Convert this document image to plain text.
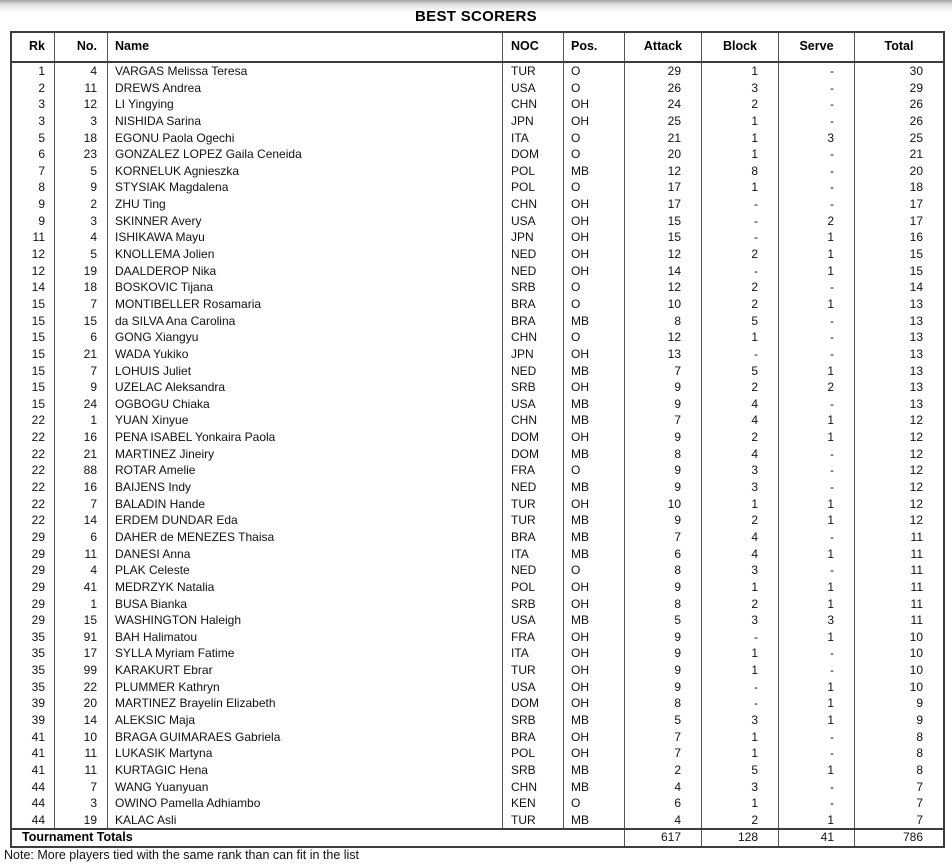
BEST SCORERS
Rk	No.	Name	NOC	Pos.	Attack	Block	Serve	Total
1	4	VARGAS Melissa Teresa	TUR	O	29	1	-	30
2	11	DREWS Andrea	USA	O	26	3	-	29
3	12	LI Yingying	CHN	OH	24	2	-	26
3	3	NISHIDA Sarina	JPN	OH	25	1	-	26
5	18	EGONU Paola Ogechi	ITA	O	21	1	3	25
6	23	GONZALEZ LOPEZ Gaila Ceneida	DOM	O	20	1	-	21
7	5	KORNELUK Agnieszka	POL	MB	12	8	-	20
8	9	STYSIAK Magdalena	POL	O	17	1	-	18
9	2	ZHU Ting	CHN	OH	17	-	-	17
9	3	SKINNER Avery	USA	OH	15	-	2	17
11	4	ISHIKAWA Mayu	JPN	OH	15	-	1	16
12	5	KNOLLEMA Jolien	NED	OH	12	2	1	15
12	19	DAALDEROP Nika	NED	OH	14	-	1	15
14	18	BOSKOVIC Tijana	SRB	O	12	2	-	14
15	7	MONTIBELLER Rosamaria	BRA	O	10	2	1	13
15	15	da SILVA Ana Carolina	BRA	MB	8	5	-	13
15	6	GONG Xiangyu	CHN	O	12	1	-	13
15	21	WADA Yukiko	JPN	OH	13	-	-	13
15	7	LOHUIS Juliet	NED	MB	7	5	1	13
15	9	UZELAC Aleksandra	SRB	OH	9	2	2	13
15	24	OGBOGU Chiaka	USA	MB	9	4	-	13
22	1	YUAN Xinyue	CHN	MB	7	4	1	12
22	16	PENA ISABEL Yonkaira Paola	DOM	OH	9	2	1	12
22	21	MARTINEZ Jineiry	DOM	MB	8	4	-	12
22	88	ROTAR Amelie	FRA	O	9	3	-	12
22	16	BAIJENS Indy	NED	MB	9	3	-	12
22	7	BALADIN Hande	TUR	OH	10	1	1	12
22	14	ERDEM DUNDAR Eda	TUR	MB	9	2	1	12
29	6	DAHER de MENEZES Thaisa	BRA	MB	7	4	-	11
29	11	DANESI Anna	ITA	MB	6	4	1	11
29	4	PLAK Celeste	NED	O	8	3	-	11
29	41	MEDRZYK Natalia	POL	OH	9	1	1	11
29	1	BUSA Bianka	SRB	OH	8	2	1	11
29	15	WASHINGTON Haleigh	USA	MB	5	3	3	11
35	91	BAH Halimatou	FRA	OH	9	-	1	10
35	17	SYLLA Myriam Fatime	ITA	OH	9	1	-	10
35	99	KARAKURT Ebrar	TUR	OH	9	1	-	10
35	22	PLUMMER Kathryn	USA	OH	9	-	1	10
39	20	MARTINEZ Brayelin Elizabeth	DOM	OH	8	-	1	9
39	14	ALEKSIC Maja	SRB	MB	5	3	1	9
41	10	BRAGA GUIMARAES Gabriela	BRA	OH	7	1	-	8
41	11	LUKASIK Martyna	POL	OH	7	1	-	8
41	11	KURTAGIC Hena	SRB	MB	2	5	1	8
44	7	WANG Yuanyuan	CHN	MB	4	3	-	7
44	3	OWINO Pamella Adhiambo	KEN	O	6	1	-	7
44	19	KALAC Asli	TUR	MB	4	2	1	7
Tournament Totals	617	128	41	786
Note: More players tied with the same rank than can fit in the list
